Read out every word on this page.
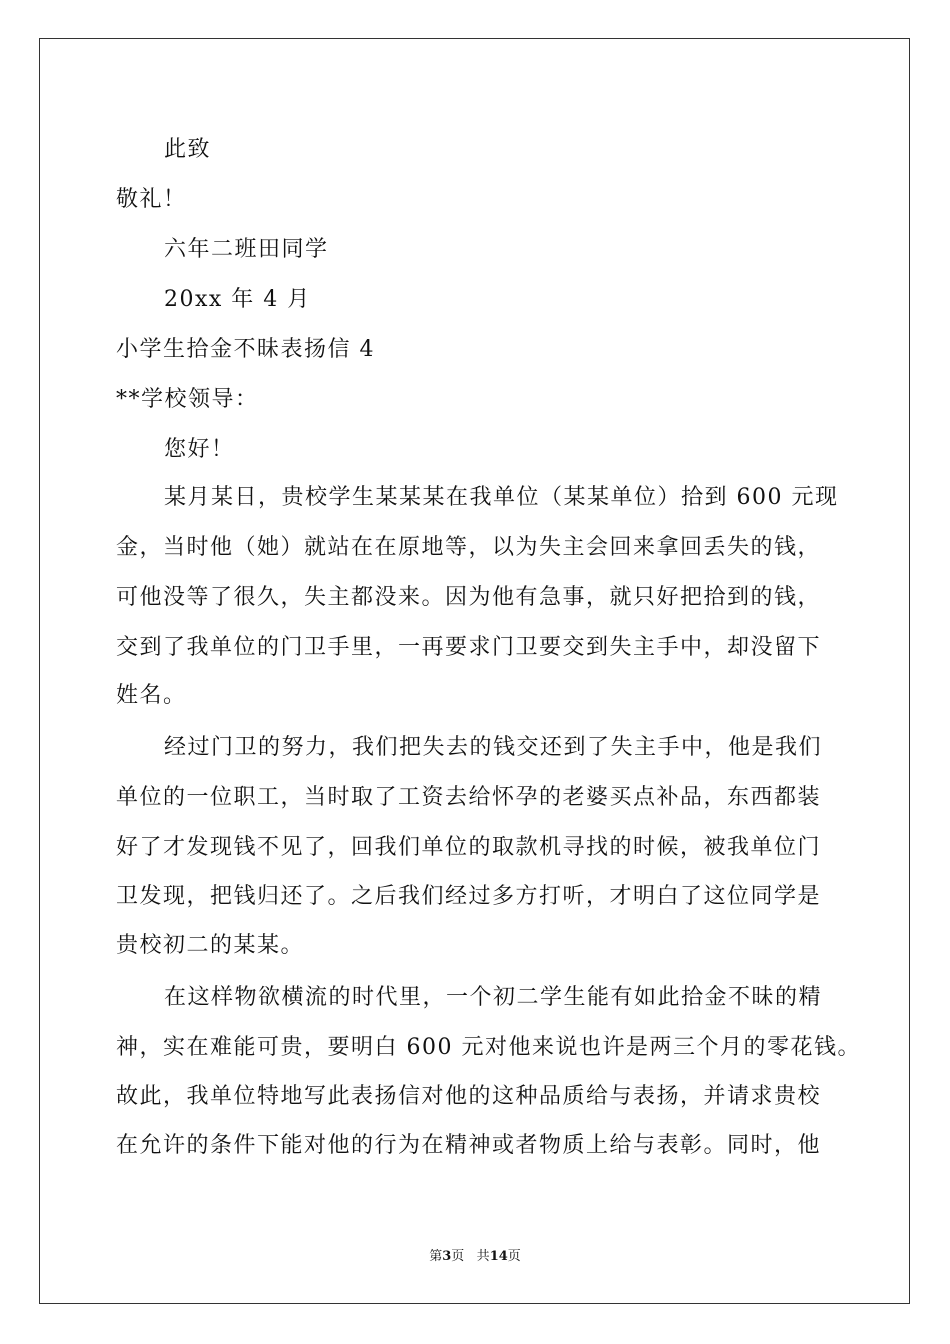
此致
敬礼！
六年二班田同学
20xx 年 4 月
小学生拾金不昧表扬信 4
**学校领导：
您好！
某月某日，贵校学生某某某在我单位（某某单位）拾到 600 元现
金，当时他（她）就站在在原地等，以为失主会回来拿回丢失的钱，
可他没等了很久，失主都没来。因为他有急事，就只好把拾到的钱，
交到了我单位的门卫手里，一再要求门卫要交到失主手中，却没留下
姓名。
经过门卫的努力，我们把失去的钱交还到了失主手中，他是我们
单位的一位职工，当时取了工资去给怀孕的老婆买点补品，东西都装
好了才发现钱不见了，回我们单位的取款机寻找的时候，被我单位门
卫发现，把钱归还了。之后我们经过多方打听，才明白了这位同学是
贵校初二的某某。
在这样物欲横流的时代里，一个初二学生能有如此拾金不昧的精
神，实在难能可贵，要明白 600 元对他来说也许是两三个月的零花钱。
故此，我单位特地写此表扬信对他的这种品质给与表扬，并请求贵校
在允许的条件下能对他的行为在精神或者物质上给与表彰。同时，他
第3页 共14页
